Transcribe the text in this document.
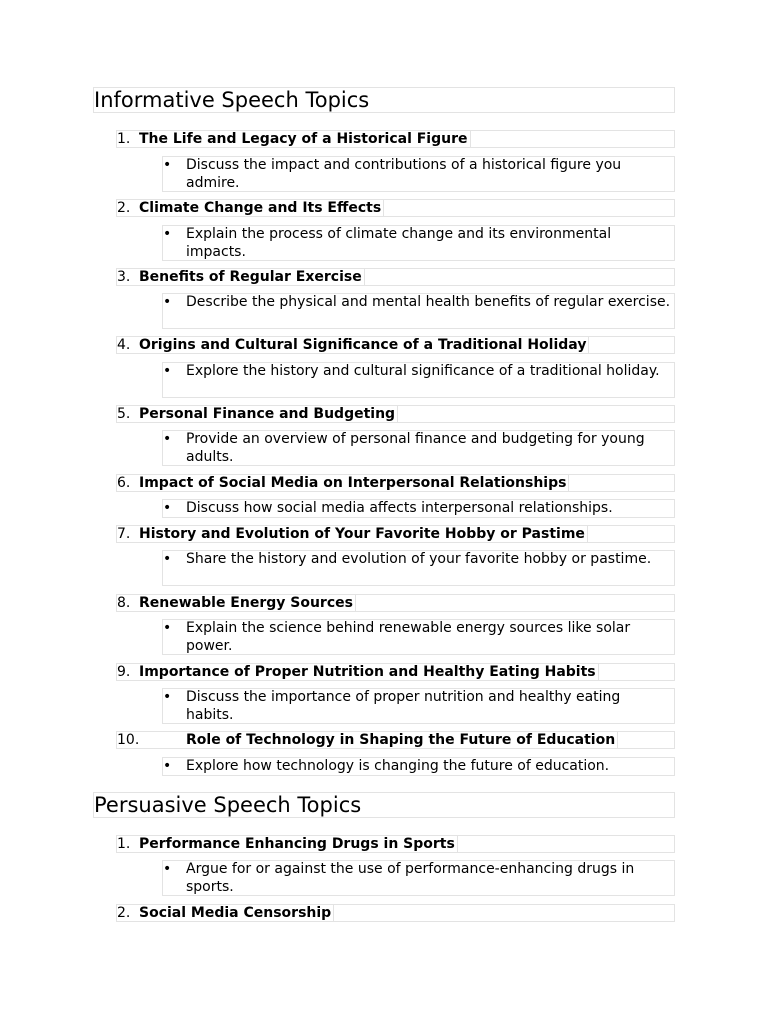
Informative Speech Topics
1. The Life and Legacy of a Historical Figure
• Discuss the impact and contributions of a historical figure you admire.
2. Climate Change and Its Effects
• Explain the process of climate change and its environmental impacts.
3. Benefits of Regular Exercise
• Describe the physical and mental health benefits of regular exercise.
4. Origins and Cultural Significance of a Traditional Holiday
• Explore the history and cultural significance of a traditional holiday.
5. Personal Finance and Budgeting
• Provide an overview of personal finance and budgeting for young adults.
6. Impact of Social Media on Interpersonal Relationships
• Discuss how social media affects interpersonal relationships.
7. History and Evolution of Your Favorite Hobby or Pastime
• Share the history and evolution of your favorite hobby or pastime.
8. Renewable Energy Sources
• Explain the science behind renewable energy sources like solar power.
9. Importance of Proper Nutrition and Healthy Eating Habits
• Discuss the importance of proper nutrition and healthy eating habits.
10.	Role of Technology in Shaping the Future of Education
• Explore how technology is changing the future of education.
Persuasive Speech Topics
1. Performance Enhancing Drugs in Sports
• Argue for or against the use of performance-enhancing drugs in sports.
2. Social Media Censorship
